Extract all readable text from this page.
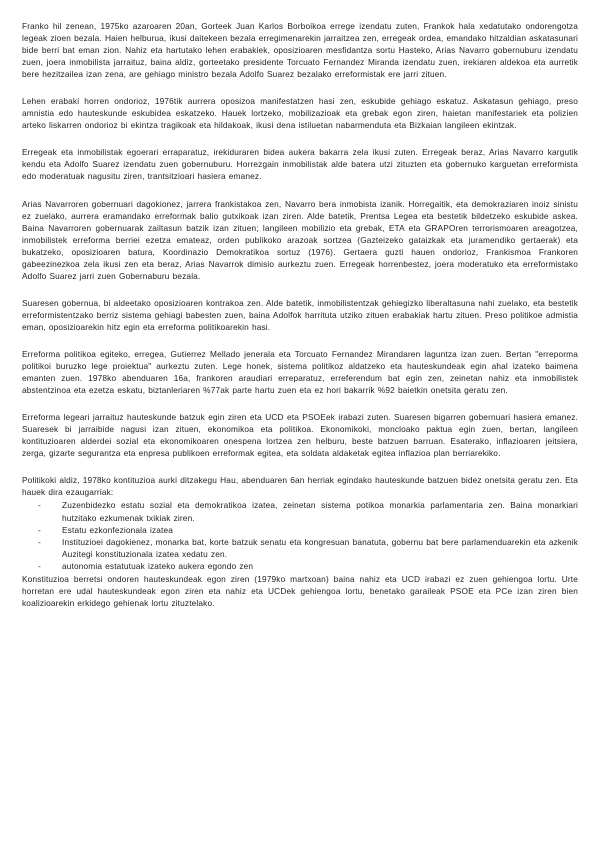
Franko hil zenean, 1975ko azaroaren 20an, Gorteek Juan Karlos Borboikoa errege izendatu zuten, Frankok hala xedatutako ondorengotza legeak zioen bezala. Haien helburua, ikusi daitekeen bezala erregimenarekin jarraitzea zen, erregeak ordea, emandako hitzaldian askatasunari bide berri bat eman zion. Nahiz eta hartutako lehen erabakiek, oposizioaren mesfidantza sortu Hasteko, Arias Navarro gobernuburu izendatu zuen, joera inmobilista jarraituz, baina aldiz, gorteetako presidente Torcuato Fernandez Miranda izendatu zuen, irekiaren aldekoa eta aurretik bere hezitzailea izan zena, are gehiago ministro bezala Adolfo Suarez bezalako erreformistak ere jarri zituen.

Lehen erabaki horren ondorioz, 1976tik aurrera oposizoa manifestatzen hasi zen, eskubide gehiago eskatuz. Askatasun gehiago, preso amnistia edo hauteskunde eskubidea eskatzeko. Hauek lortzeko, mobilizazioak eta grebak egon ziren, haietan manifestariek eta polizien arteko liskarren ondorioz bi ekintza tragikoak eta hildakoak, ikusi dena istiluetan nabarmenduta eta Bizkaian langileen ekintzak.

Erregeak eta inmobilistak egoerari erraparatuz, irekiduraren bidea aukera bakarra zela ikusi zuten. Erregeak beraz, Arias Navarro kargutik kendu eta Adolfo Suarez izendatu zuen gobernuburu. Horrezgain inmobilistak alde batera utzi zituzten eta gobernuko karguetan erreformista edo moderatuak nagusitu ziren, trantsitzioari hasiera emanez.

Arias Navarroren gobernuari dagokionez, jarrera frankistakoa zen, Navarro bera inmobista izanik. Horregaitik, eta demokraziaren inoiz sinistu ez zuelako, aurrera eramandako erreformak balio gutxikoak izan ziren. Alde batetik, Prentsa Legea eta bestetik bildetzeko eskubide askea. Baina Navarroren gobernuarak zailtasun batzik izan zituen; langileen mobilizio eta grebak, ETA eta GRAPOren terrorismoaren areagotzea, inmobilistek erreforma berriei ezetza emateaz, orden publikoko arazoak sortzea (Gazteizeko gataizkak eta juramendiko gertaerak) eta bukatzeko, oposizioaren batura, Koordinazio Demokratikoa sortuz (1976). Gertaera guzti hauen ondorioz, Frankismoa Frankoren gabeezinezkoa zela ikusi zen eta beraz, Arias Navarrok dimisio aurkeztu zuen. Erregeak horrenbestez, joera moderatuko eta erreformistako Adolfo Suarez jarri zuen Gobernaburu bezala.

Suaresen gobernua, bi aldeetako oposizioaren kontrakoa zen. Alde batetik, inmobilistentzak gehiegizko liberaltasuna nahi zuelako, eta bestetik erreformistentzako berriz sistema gehiagi babesten zuen, baina Adolfok harrituta utziko zituen erabakiak hartu zituen. Preso politikoe admistia eman, oposizioarekin hitz egin eta erreforma politikoarekin hasi.

Erreforma politikoa egiteko, erregea, Gutierrez Mellado jenerala eta Torcuato Fernandez Mirandaren laguntza izan zuen. Bertan "erreporma politikoi buruzko lege proiektua" aurkeztu zuten. Lege honek, sistema politikoz aldatzeko eta hauteskundeak egin ahal izateko baimena emanten zuen. 1978ko abenduaren 16a, frankoren araudiari erreparatuz, erreferendum bat egin zen, zeinetan nahiz eta inmobilistek abstentzinoa eta ezetza eskatu, biztanleriaren %77ak parte hartu zuen eta ez hori bakarrik %92 baietkin onetsita geratu zen.

Erreforma legeari jarraituz hauteskunde batzuk egin ziren eta UCD eta PSOEek irabazi zuten. Suaresen bigarren gobernuari hasiera emanez. Suaresek bi jarraibide nagusi izan zituen, ekonomikoa eta politikoa. Ekonomikoki, moncloako paktua egin zuen, bertan, langileen kontituzioaren alderdei sozial eta ekonomikoaren onespena lortzea zen helburu, beste batzuen barruan. Esaterako, inflazioaren jeitsiera, zerga, gizarte segurantza eta enpresa publikoen erreformak egitea, eta soldata aldaketak egitea inflazioa plan berriarekiko.

Politikoki aldiz, 1978ko kontituzioa aurki ditzakegu Hau, abenduaren 6an herriak egindako hauteskunde batzuen bidez onetsita geratu zen. Eta hauek dira ezaugarriak:

-	Zuzenbidezko estatu sozial eta demokratikoa izatea, zeinetan sistema potikoa monarkia parlamentaria zen. Baina monarkiari hutzitako ezkumenak txikiak ziren.
-	Estatu ezkonfezionala izatea
-	Instituzioei dagokienez, monarka bat, korte batzuk senatu eta kongresuan banatuta, gobernu bat bere parlamenduarekin eta azkenik Auzitegi konstituzionala izatea xedatu zen.
-	autonomia estatutuak izateko aukera egondo zen

Konstituzioa berretsi ondoren hauteskundeak egon ziren (1979ko martxoan) baina nahiz eta UCD irabazi ez zuen gehiengoa lortu. Urte horretan ere udal hauteskundeak egon ziren eta nahiz eta UCDek gehiengoa lortu, benetako garaileak PSOE eta PCe izan ziren bien koalizioarekin erkidego gehienak lortu zituztelako.
